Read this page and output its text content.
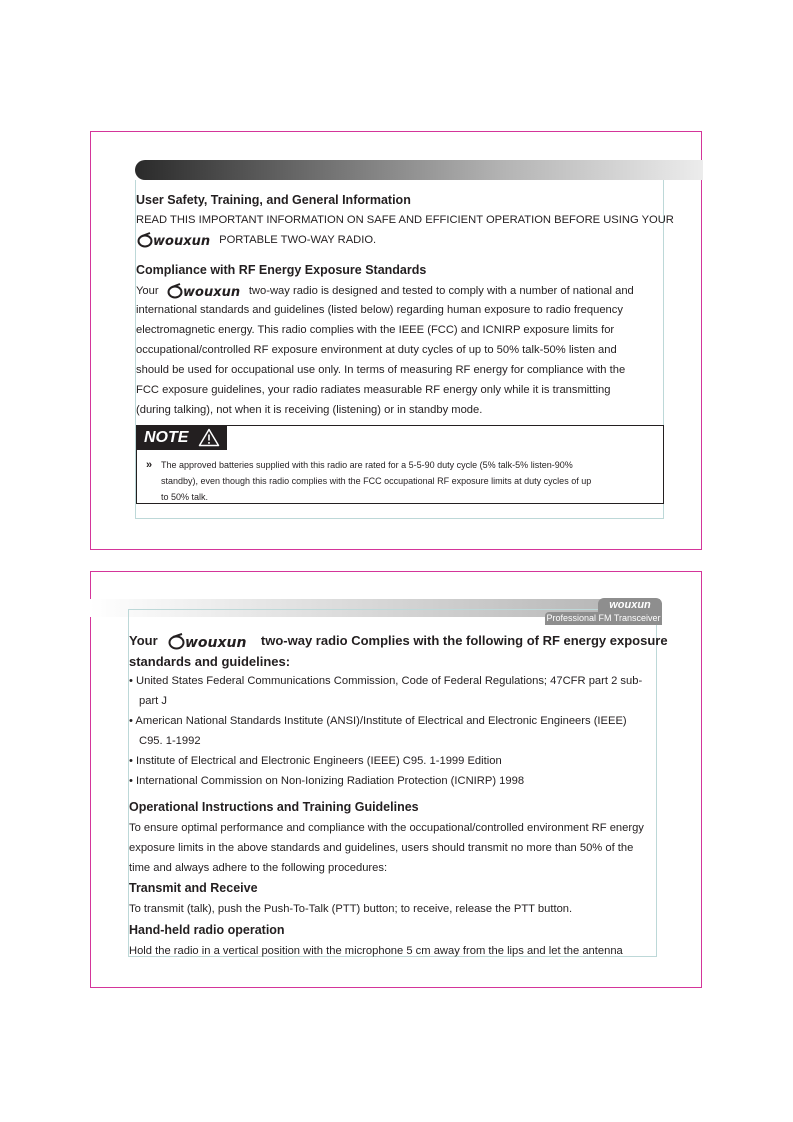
User Safety, Training, and General Information
READ THIS IMPORTANT INFORMATION ON SAFE AND EFFICIENT OPERATION BEFORE USING YOUR
wouxun PORTABLE TWO-WAY RADIO.
Compliance with RF Energy Exposure Standards
Your wouxun two-way radio is designed and tested to comply with a number of national and
international standards and guidelines (listed below) regarding human exposure to radio frequency
electromagnetic energy. This radio complies with the IEEE (FCC) and ICNIRP exposure limits for
occupational/controlled RF exposure environment at duty cycles of up to 50% talk-50% listen and
should be used for occupational use only. In terms of measuring RF energy for compliance with the
FCC exposure guidelines, your radio radiates measurable RF energy only while it is transmitting
(during talking), not when it is receiving (listening) or in standby mode.
NOTE
» The approved batteries supplied with this radio are rated for a 5-5-90 duty cycle (5% talk-5% listen-90%
standby), even though this radio complies with the FCC occupational RF exposure limits at duty cycles of up
to 50% talk.
wouxun
Professional FM Transceiver
Your wouxun two-way radio Complies with the following of RF energy exposure
standards and guidelines:
• United States Federal Communications Commission, Code of Federal Regulations; 47CFR part 2 sub-
part J
• American National Standards Institute (ANSI)/Institute of Electrical and Electronic Engineers (IEEE)
C95. 1-1992
• Institute of Electrical and Electronic Engineers (IEEE) C95. 1-1999 Edition
• International Commission on Non-Ionizing Radiation Protection (ICNIRP) 1998
Operational Instructions and Training Guidelines
To ensure optimal performance and compliance with the occupational/controlled environment RF energy
exposure limits in the above standards and guidelines, users should transmit no more than 50% of the
time and always adhere to the following procedures:
Transmit and Receive
To transmit (talk), push the Push-To-Talk (PTT) button; to receive, release the PTT button.
Hand-held radio operation
Hold the radio in a vertical position with the microphone 5 cm away from the lips and let the antenna
